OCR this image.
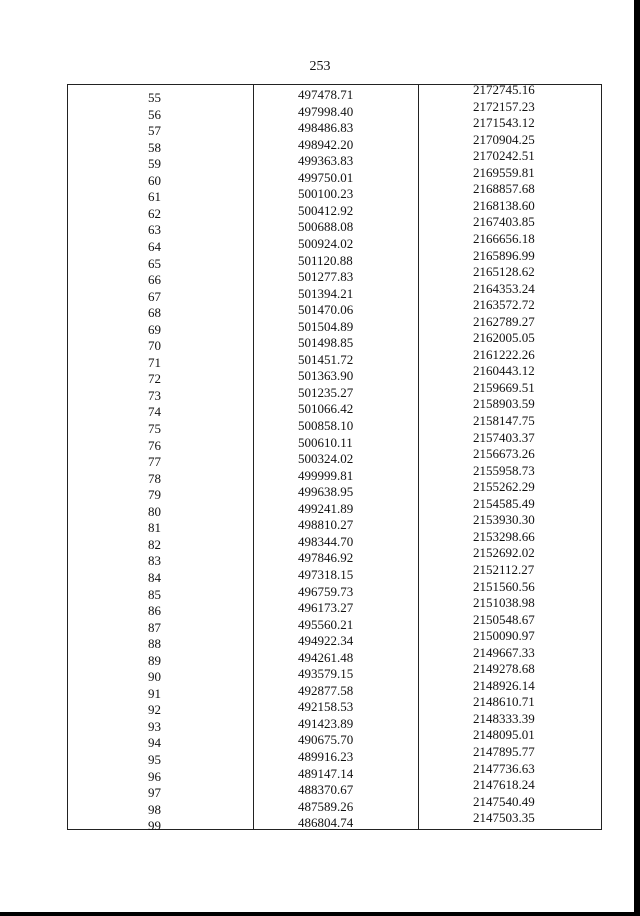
253
55	497478.71	2172745.16
56	497998.40	2172157.23
57	498486.83	2171543.12
58	498942.20	2170904.25
59	499363.83	2170242.51
60	499750.01	2169559.81
61	500100.23	2168857.68
62	500412.92	2168138.60
63	500688.08	2167403.85
64	500924.02	2166656.18
65	501120.88	2165896.99
66	501277.83	2165128.62
67	501394.21	2164353.24
68	501470.06	2163572.72
69	501504.89	2162789.27
70	501498.85	2162005.05
71	501451.72	2161222.26
72	501363.90	2160443.12
73	501235.27	2159669.51
74	501066.42	2158903.59
75	500858.10	2158147.75
76	500610.11	2157403.37
77	500324.02	2156673.26
78	499999.81	2155958.73
79	499638.95	2155262.29
80	499241.89	2154585.49
81	498810.27	2153930.30
82	498344.70	2153298.66
83	497846.92	2152692.02
84	497318.15	2152112.27
85	496759.73	2151560.56
86	496173.27	2151038.98
87	495560.21	2150548.67
88	494922.34	2150090.97
89	494261.48	2149667.33
90	493579.15	2149278.68
91	492877.58	2148926.14
92	492158.53	2148610.71
93	491423.89	2148333.39
94	490675.70	2148095.01
95	489916.23	2147895.77
96	489147.14	2147736.63
97	488370.67	2147618.24
98	487589.26	2147540.49
99	486804.74	2147503.35
